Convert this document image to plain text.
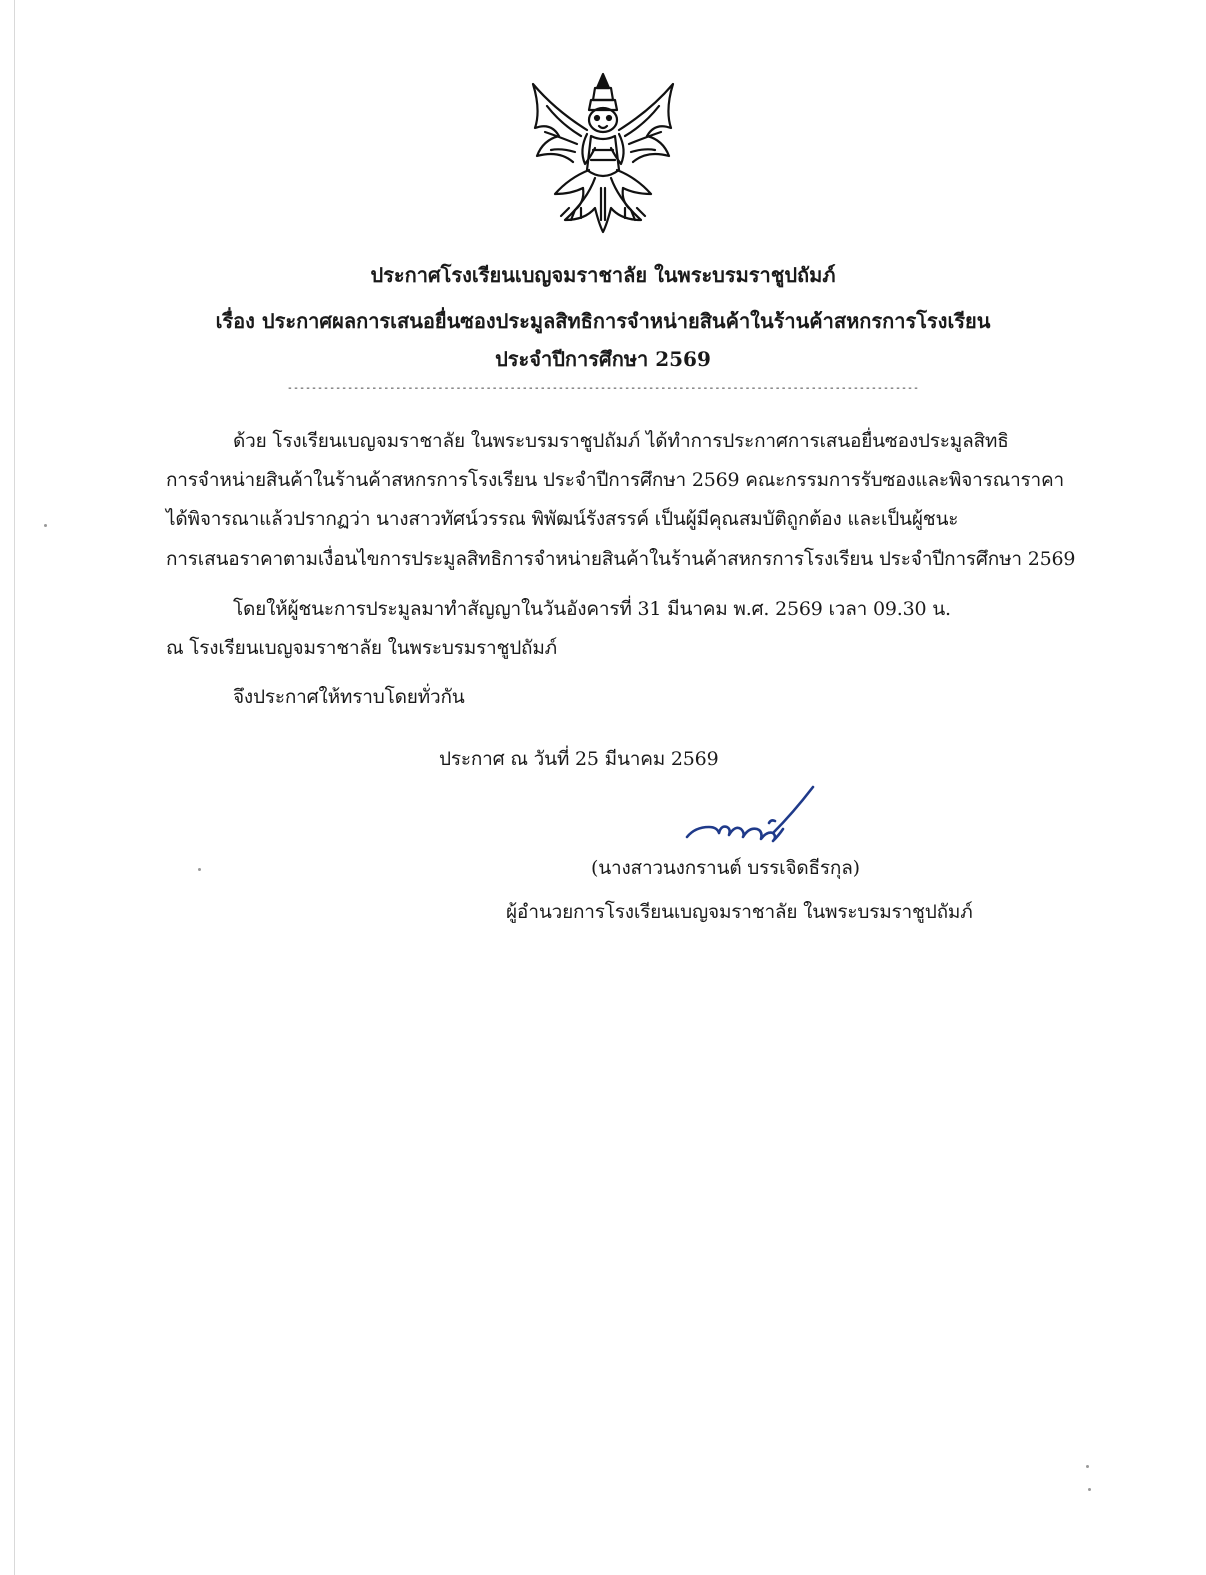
ประกาศโรงเรียนเบญจมราชาลัย ในพระบรมราชูปถัมภ์
เรื่อง ประกาศผลการเสนอยื่นซองประมูลสิทธิการจำหน่ายสินค้าในร้านค้าสหกรการโรงเรียน
ประจำปีการศึกษา 2569
---------------------------------------------------------------------------------------------------------
ด้วย โรงเรียนเบญจมราชาลัย ในพระบรมราชูปถัมภ์ ได้ทำการประกาศการเสนอยื่นซองประมูลสิทธิ
การจำหน่ายสินค้าในร้านค้าสหกรการโรงเรียน ประจำปีการศึกษา 2569 คณะกรรมการรับซองและพิจารณาราคา
ได้พิจารณาแล้วปรากฏว่า นางสาวทัศน์วรรณ พิพัฒน์รังสรรค์ เป็นผู้มีคุณสมบัติถูกต้อง และเป็นผู้ชนะ
การเสนอราคาตามเงื่อนไขการประมูลสิทธิการจำหน่ายสินค้าในร้านค้าสหกรการโรงเรียน ประจำปีการศึกษา 2569
โดยให้ผู้ชนะการประมูลมาทำสัญญาในวันอังคารที่ 31 มีนาคม พ.ศ. 2569 เวลา 09.30 น.
ณ โรงเรียนเบญจมราชาลัย ในพระบรมราชูปถัมภ์
จึงประกาศให้ทราบโดยทั่วกัน
ประกาศ ณ วันที่ 25 มีนาคม 2569
(นางสาวนงกรานต์ บรรเจิดธีรกุล)
ผู้อำนวยการโรงเรียนเบญจมราชาลัย ในพระบรมราชูปถัมภ์
